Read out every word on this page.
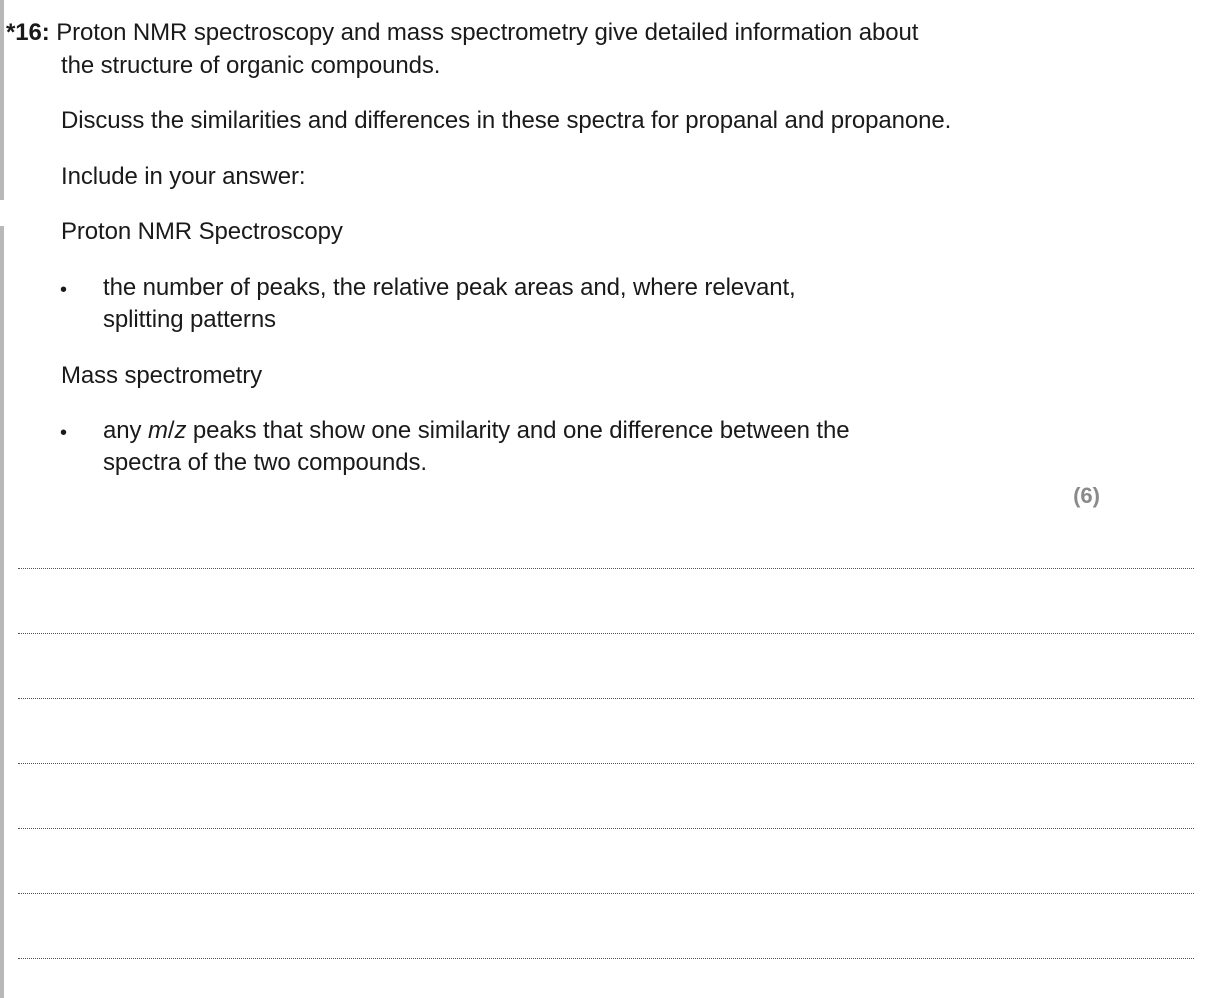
*16: Proton NMR spectroscopy and mass spectrometry give detailed information about
the structure of organic compounds.
Discuss the similarities and differences in these spectra for propanal and propanone.
Include in your answer:
Proton NMR Spectroscopy
• the number of peaks, the relative peak areas and, where relevant,
splitting patterns
Mass spectrometry
• any m/z peaks that show one similarity and one difference between the
spectra of the two compounds.
(6)
